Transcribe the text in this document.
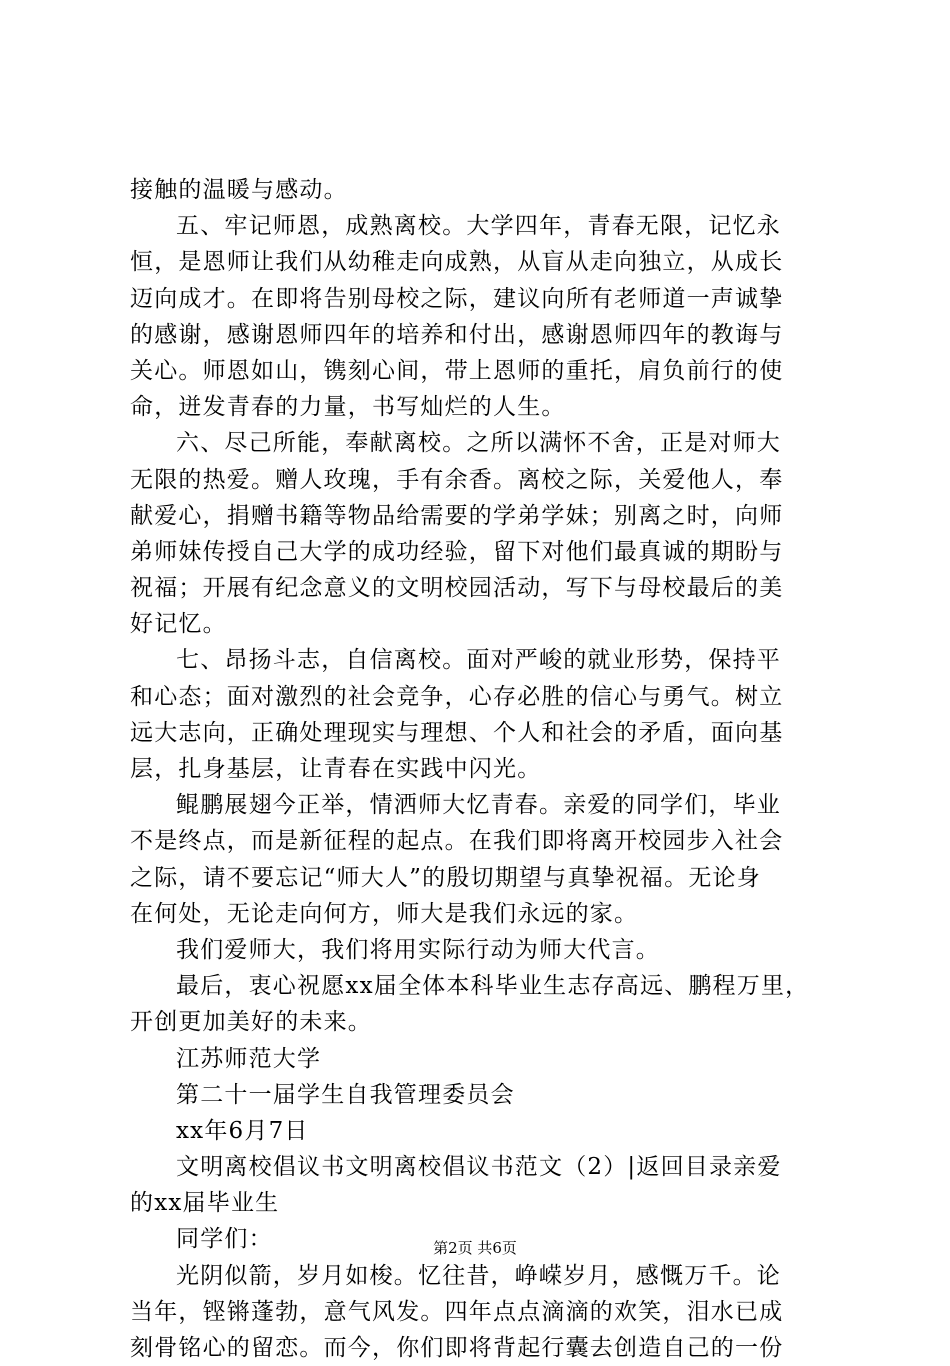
接触的温暖与感动。
五、牢记师恩，成熟离校。大学四年，青春无限，记忆永
恒，是恩师让我们从幼稚走向成熟，从盲从走向独立，从成长
迈向成才。在即将告别母校之际，建议向所有老师道一声诚挚
的感谢，感谢恩师四年的培养和付出，感谢恩师四年的教诲与
关心。师恩如山，镌刻心间，带上恩师的重托，肩负前行的使
命，迸发青春的力量，书写灿烂的人生。
六、尽己所能，奉献离校。之所以满怀不舍，正是对师大
无限的热爱。赠人玫瑰，手有余香。离校之际，关爱他人，奉
献爱心，捐赠书籍等物品给需要的学弟学妹；别离之时，向师
弟师妹传授自己大学的成功经验，留下对他们最真诚的期盼与
祝福；开展有纪念意义的文明校园活动，写下与母校最后的美
好记忆。
七、昂扬斗志，自信离校。面对严峻的就业形势，保持平
和心态；面对激烈的社会竞争，心存必胜的信心与勇气。树立
远大志向，正确处理现实与理想、个人和社会的矛盾，面向基
层，扎身基层，让青春在实践中闪光。
鲲鹏展翅今正举，情洒师大忆青春。亲爱的同学们，毕业
不是终点，而是新征程的起点。在我们即将离开校园步入社会
之际，请不要忘记“师大人”的殷切期望与真挚祝福。无论身
在何处，无论走向何方，师大是我们永远的家。
我们爱师大，我们将用实际行动为师大代言。
最后，衷心祝愿xx届全体本科毕业生志存高远、鹏程万里，
开创更加美好的未来。
江苏师范大学
第二十一届学生自我管理委员会
xx年6月7日
文明离校倡议书文明离校倡议书范文（2）|返回目录亲爱
的xx届毕业生
同学们：
光阴似箭，岁月如梭。忆往昔，峥嵘岁月，感慨万千。论
当年，铿锵蓬勃，意气风发。四年点点滴滴的欢笑，泪水已成
刻骨铭心的留恋。而今，你们即将背起行囊去创造自己的一份
第2页 共6页
